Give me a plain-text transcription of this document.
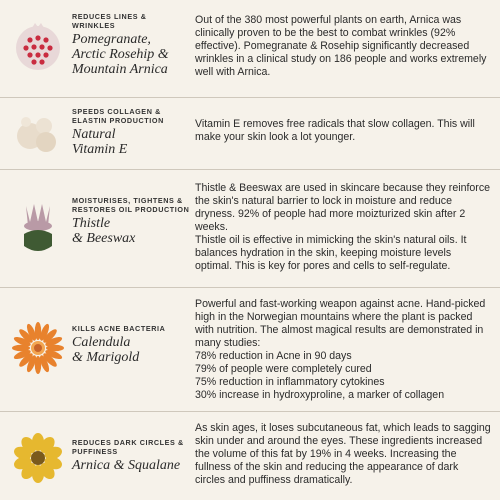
REDUCES LINES & WRINKLES
Pomegranate,
Arctic Rosehip &
Mountain Arnica

Out of the 380 most powerful plants on earth, Arnica was clinically proven to be the best to combat wrinkles (92% effective). Pomegranate & Rosehip significantly decreased wrinkles in a clinical study on 186 people and works extremely well with Arnica.

SPEEDS COLLAGEN & ELASTIN PRODUCTION
Natural
Vitamin E

Vitamin E removes free radicals that slow collagen. This will make your skin look a lot younger.

MOISTURISES, TIGHTENS & RESTORES OIL PRODUCTION
Thistle
& Beeswax

Thistle & Beeswax are used in skincare because they reinforce the skin's natural barrier to lock in moisture and reduce dryness. 92% of people had more moizturized skin after 2 weeks.

Thistle oil is effective in mimicking the skin's natural oils. It balances hydration in the skin, keeping moisture levels optimal. This is key for pores and cells to self-regulate.

KILLS ACNE BACTERIA
Calendula
& Marigold

Powerful and fast-working weapon against acne. Hand-picked high in the Norwegian mountains where the plant is packed with nutrition. The almost magical results are demonstrated in many studies:

78% reduction in Acne in 90 days

79% of people were completely cured

75% reduction in inflammatory cytokines

30% increase in hydroxyproline, a marker of collagen

REDUCES DARK CIRCLES & PUFFINESS
Arnica & Squalane

As skin ages, it loses subcutaneous fat, which leads to sagging skin under and around the eyes. These ingredients increased the volume of this fat by 19% in 4 weeks. Increasing the fullness of the skin and reducing the appearance of dark circles and puffiness dramatically.
